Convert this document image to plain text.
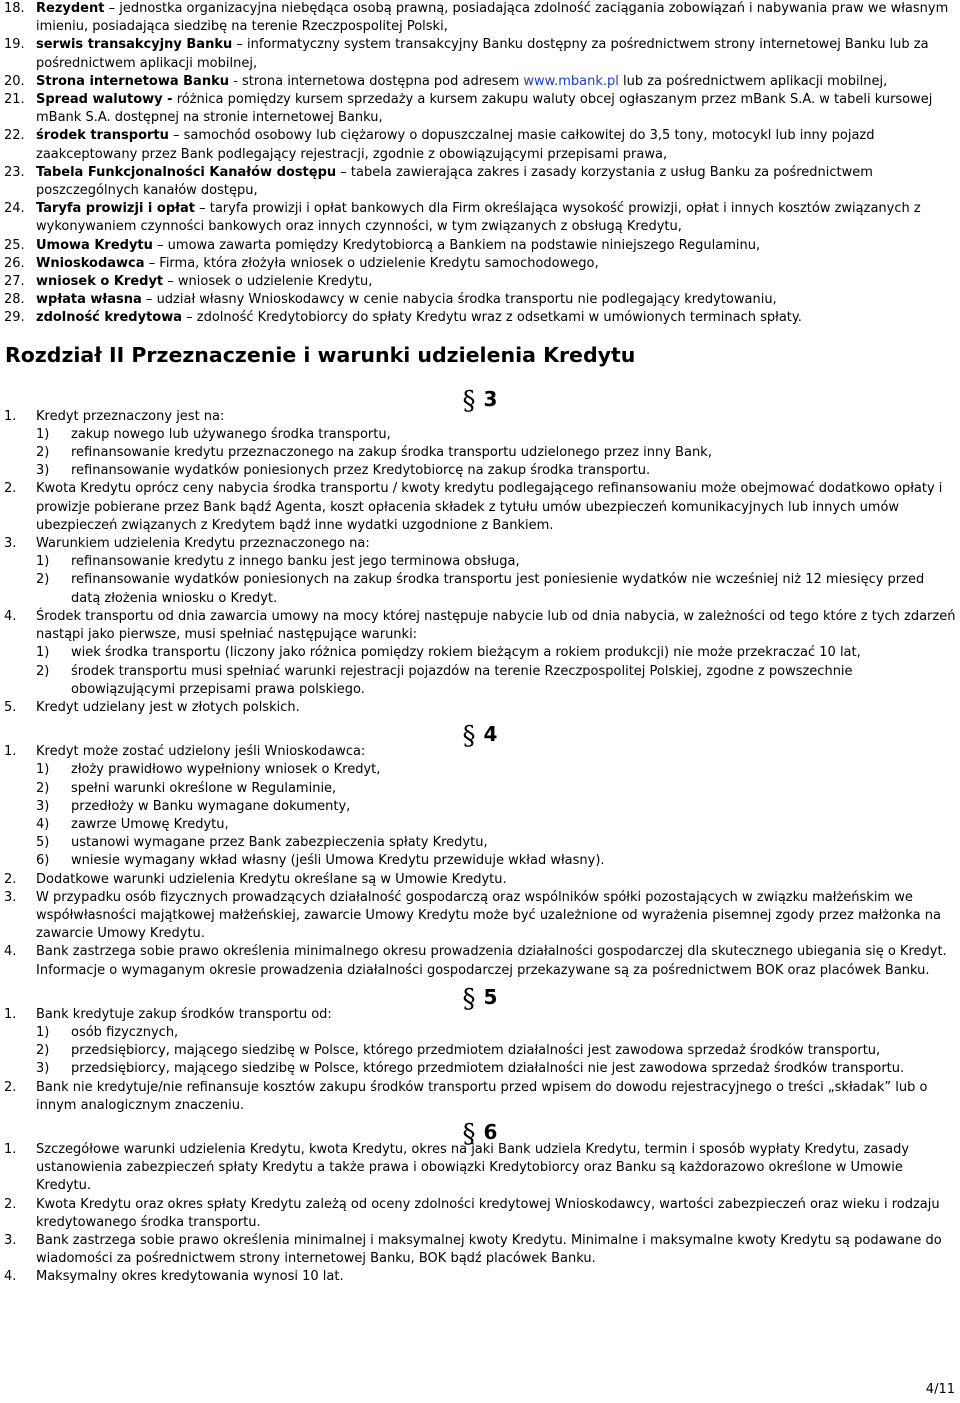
18. Rezydent – jednostka organizacyjna niebędąca osobą prawną, posiadająca zdolność zaciągania zobowiązań i nabywania praw we własnym imieniu, posiadająca siedzibę na terenie Rzeczpospolitej Polski,
19. serwis transakcyjny Banku – informatyczny system transakcyjny Banku dostępny za pośrednictwem strony internetowej Banku lub za pośrednictwem aplikacji mobilnej,
20. Strona internetowa Banku - strona internetowa dostępna pod adresem www.mbank.pl lub za pośrednictwem aplikacji mobilnej,
21. Spread walutowy - różnica pomiędzy kursem sprzedaży a kursem zakupu waluty obcej ogłaszanym przez mBank S.A. w tabeli kursowej mBank S.A. dostępnej na stronie internetowej Banku,
22. środek transportu – samochód osobowy lub ciężarowy o dopuszczalnej masie całkowitej do 3,5 tony, motocykl lub inny pojazd zaakceptowany przez Bank podlegający rejestracji, zgodnie z obowiązującymi przepisami prawa,
23. Tabela Funkcjonalności Kanałów dostępu – tabela zawierająca zakres i zasady korzystania z usług Banku za pośrednictwem poszczególnych kanałów dostępu,
24. Taryfa prowizji i opłat – taryfa prowizji i opłat bankowych dla Firm określająca wysokość prowizji, opłat i innych kosztów związanych z wykonywaniem czynności bankowych oraz innych czynności, w tym związanych z obsługą Kredytu,
25. Umowa Kredytu – umowa zawarta pomiędzy Kredytobiorcą a Bankiem na podstawie niniejszego Regulaminu,
26. Wnioskodawca – Firma, która złożyła wniosek o udzielenie Kredytu samochodowego,
27. wniosek o Kredyt – wniosek o udzielenie Kredytu,
28. wpłata własna – udział własny Wnioskodawcy w cenie nabycia środka transportu nie podlegający kredytowaniu,
29. zdolność kredytowa – zdolność Kredytobiorcy do spłaty Kredytu wraz z odsetkami w umówionych terminach spłaty.
Rozdział II Przeznaczenie i warunki udzielenia Kredytu
§ 3
1. Kredyt przeznaczony jest na:
1) zakup nowego lub używanego środka transportu,
2) refinansowanie kredytu przeznaczonego na zakup środka transportu udzielonego przez inny Bank,
3) refinansowanie wydatków poniesionych przez Kredytobiorcę na zakup środka transportu.
2. Kwota Kredytu oprócz ceny nabycia środka transportu / kwoty kredytu podlegającego refinansowaniu może obejmować dodatkowo opłaty i prowizje pobierane przez Bank bądź Agenta, koszt opłacenia składek z tytułu umów ubezpieczeń komunikacyjnych lub innych umów ubezpieczeń związanych z Kredytem bądź inne wydatki uzgodnione z Bankiem.
3. Warunkiem udzielenia Kredytu przeznaczonego na:
1) refinansowanie kredytu z innego banku jest jego terminowa obsługa,
2) refinansowanie wydatków poniesionych na zakup środka transportu jest poniesienie wydatków nie wcześniej niż 12 miesięcy przed datą złożenia wniosku o Kredyt.
4. Środek transportu od dnia zawarcia umowy na mocy której następuje nabycie lub od dnia nabycia, w zależności od tego które z tych zdarzeń nastąpi jako pierwsze, musi spełniać następujące warunki:
1) wiek środka transportu (liczony jako różnica pomiędzy rokiem bieżącym a rokiem produkcji) nie może przekraczać 10 lat,
2) środek transportu musi spełniać warunki rejestracji pojazdów na terenie Rzeczpospolitej Polskiej, zgodne z powszechnie obowiązującymi przepisami prawa polskiego.
5. Kredyt udzielany jest w złotych polskich.
§ 4
1. Kredyt może zostać udzielony jeśli Wnioskodawca:
1) złoży prawidłowo wypełniony wniosek o Kredyt,
2) spełni warunki określone w Regulaminie,
3) przedłoży w Banku wymagane dokumenty,
4) zawrze Umowę Kredytu,
5) ustanowi wymagane przez Bank zabezpieczenia spłaty Kredytu,
6) wniesie wymagany wkład własny (jeśli Umowa Kredytu przewiduje wkład własny).
2. Dodatkowe warunki udzielenia Kredytu określane są w Umowie Kredytu.
3. W przypadku osób fizycznych prowadzących działalność gospodarczą oraz wspólników spółki pozostających w związku małżeńskim we współwłasności majątkowej małżeńskiej, zawarcie Umowy Kredytu może być uzależnione od wyrażenia pisemnej zgody przez małżonka na zawarcie Umowy Kredytu.
4. Bank zastrzega sobie prawo określenia minimalnego okresu prowadzenia działalności gospodarczej dla skutecznego ubiegania się o Kredyt. Informacje o wymaganym okresie prowadzenia działalności gospodarczej przekazywane są za pośrednictwem BOK oraz placówek Banku.
§ 5
1. Bank kredytuje zakup środków transportu od:
1) osób fizycznych,
2) przedsiębiorcy, mającego siedzibę w Polsce, którego przedmiotem działalności jest zawodowa sprzedaż środków transportu,
3) przedsiębiorcy, mającego siedzibę w Polsce, którego przedmiotem działalności nie jest zawodowa sprzedaż środków transportu.
2. Bank nie kredytuje/nie refinansuje kosztów zakupu środków transportu przed wpisem do dowodu rejestracyjnego o treści „składak” lub o innym analogicznym znaczeniu.
§ 6
1. Szczegółowe warunki udzielenia Kredytu, kwota Kredytu, okres na jaki Bank udziela Kredytu, termin i sposób wypłaty Kredytu, zasady ustanowienia zabezpieczeń spłaty Kredytu a także prawa i obowiązki Kredytobiorcy oraz Banku są każdorazowo określone w Umowie Kredytu.
2. Kwota Kredytu oraz okres spłaty Kredytu zależą od oceny zdolności kredytowej Wnioskodawcy, wartości zabezpieczeń oraz wieku i rodzaju kredytowanego środka transportu.
3. Bank zastrzega sobie prawo określenia minimalnej i maksymalnej kwoty Kredytu. Minimalne i maksymalne kwoty Kredytu są podawane do wiadomości za pośrednictwem strony internetowej Banku, BOK bądź placówek Banku.
4. Maksymalny okres kredytowania wynosi 10 lat.
4/11
